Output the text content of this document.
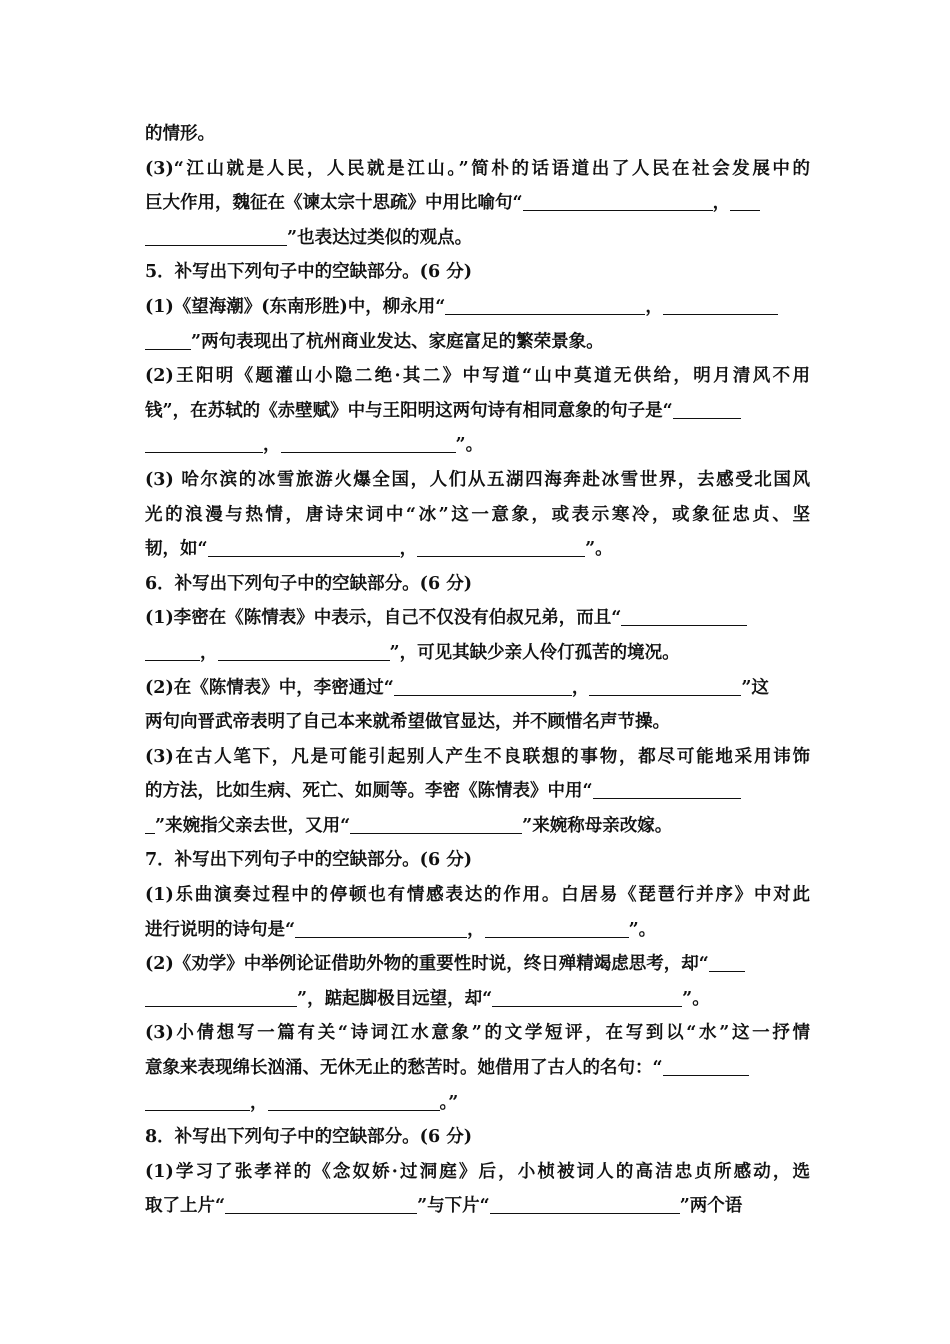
的情形。
(3)“江山就是人民，人民就是江山。”简朴的话语道出了人民在社会发展中的
巨大作用，魏征在《谏太宗十思疏》中用比喻句“	，
”也表达过类似的观点。
5．补写出下列句子中的空缺部分。(6 分)
(1)《望海潮》(东南形胜)中，柳永用“	，
”两句表现出了杭州商业发达、家庭富足的繁荣景象。
(2)王阳明《题灌山小隐二绝·其二》中写道“山中莫道无供给，明月清风不用
钱”，在苏轼的《赤壁赋》中与王阳明这两句诗有相同意象的句子是“
，	”。
(3) 哈尔滨的冰雪旅游火爆全国，人们从五湖四海奔赴冰雪世界，去感受北国风
光的浪漫与热情，唐诗宋词中“冰”这一意象，或表示寒冷，或象征忠贞、坚
韧，如“	，	”。
6．补写出下列句子中的空缺部分。(6 分)
(1)李密在《陈情表》中表示，自己不仅没有伯叔兄弟，而且“
，	”，可见其缺少亲人伶仃孤苦的境况。
(2)在《陈情表》中，李密通过“	，	”这
两句向晋武帝表明了自己本来就希望做官显达，并不顾惜名声节操。
(3)在古人笔下，凡是可能引起别人产生不良联想的事物，都尽可能地采用讳饰
的方法，比如生病、死亡、如厕等。李密《陈情表》中用“
”来婉指父亲去世，又用“	”来婉称母亲改嫁。
7．补写出下列句子中的空缺部分。(6 分)
(1)乐曲演奏过程中的停顿也有情感表达的作用。白居易《琵琶行并序》中对此
进行说明的诗句是“	，	”。
(2)《劝学》中举例论证借助外物的重要性时说，终日殚精竭虑思考，却“
”，踮起脚极目远望，却“	”。
(3)小倩想写一篇有关“诗词江水意象”的文学短评，在写到以“水”这一抒情
意象来表现绵长汹涌、无休无止的愁苦时。她借用了古人的名句：“
，	。”
8．补写出下列句子中的空缺部分。(6 分)
(1)学习了张孝祥的《念奴娇·过洞庭》后，小桢被词人的高洁忠贞所感动，选
取了上片“	”与下片“	”两个语
